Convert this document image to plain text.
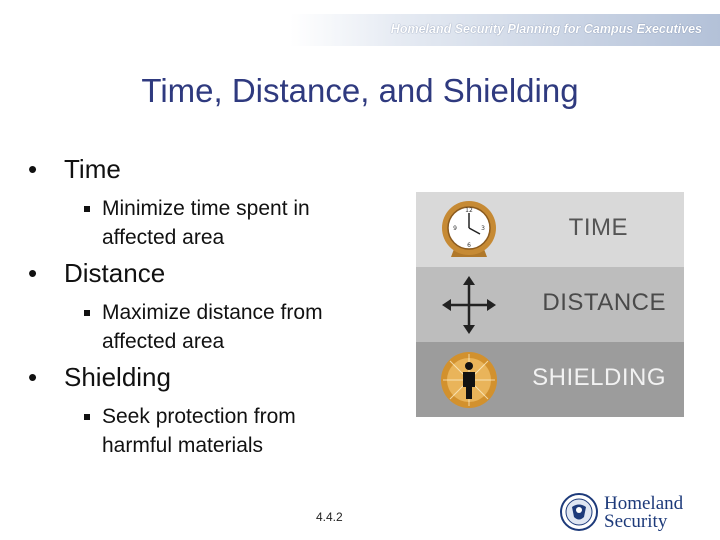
Homeland Security Planning for Campus Executives
Time, Distance, and Shielding
• Time
Minimize time spent in
affected area
• Distance
Maximize distance from
affected area
• Shielding
Seek protection from
harmful materials
12
3
6
9	TIME
DISTANCE
SHIELDING
4.4.2
Homeland
Security
